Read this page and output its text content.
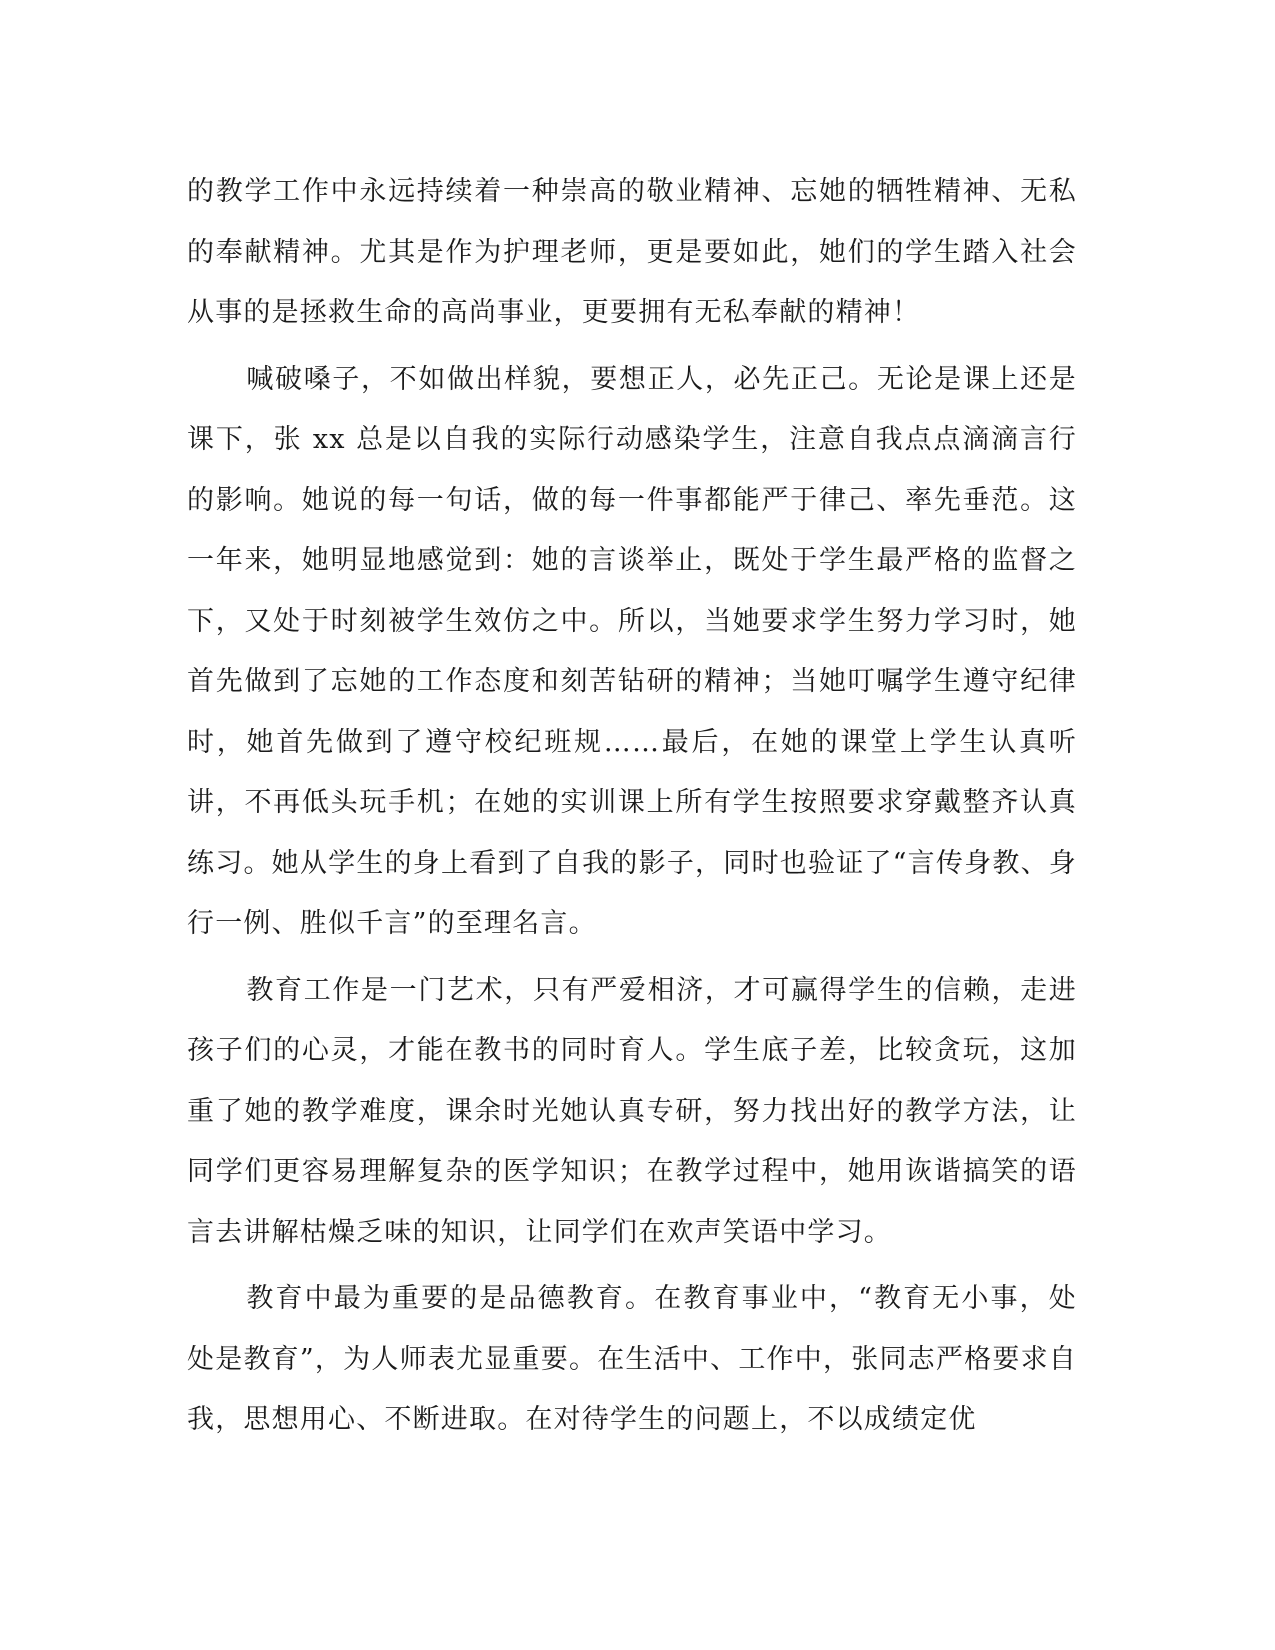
的教学工作中永远持续着一种崇高的敬业精神、忘她的牺牲精神、无私的奉献精神。尤其是作为护理老师，更是要如此，她们的学生踏入社会从事的是拯救生命的高尚事业，更要拥有无私奉献的精神！

喊破嗓子，不如做出样貌，要想正人，必先正己。无论是课上还是课下，张 xx 总是以自我的实际行动感染学生，注意自我点点滴滴言行的影响。她说的每一句话，做的每一件事都能严于律己、率先垂范。这一年来，她明显地感觉到：她的言谈举止，既处于学生最严格的监督之下，又处于时刻被学生效仿之中。所以，当她要求学生努力学习时，她首先做到了忘她的工作态度和刻苦钻研的精神；当她叮嘱学生遵守纪律时，她首先做到了遵守校纪班规……最后，在她的课堂上学生认真听讲，不再低头玩手机；在她的实训课上所有学生按照要求穿戴整齐认真练习。她从学生的身上看到了自我的影子，同时也验证了“言传身教、身行一例、胜似千言”的至理名言。

教育工作是一门艺术，只有严爱相济，才可赢得学生的信赖，走进孩子们的心灵，才能在教书的同时育人。学生底子差，比较贪玩，这加重了她的教学难度，课余时光她认真专研，努力找出好的教学方法，让同学们更容易理解复杂的医学知识；在教学过程中，她用诙谐搞笑的语言去讲解枯燥乏味的知识，让同学们在欢声笑语中学习。

教育中最为重要的是品德教育。在教育事业中，“教育无小事，处处是教育”，为人师表尤显重要。在生活中、工作中，张同志严格要求自我，思想用心、不断进取。在对待学生的问题上，不以成绩定优
